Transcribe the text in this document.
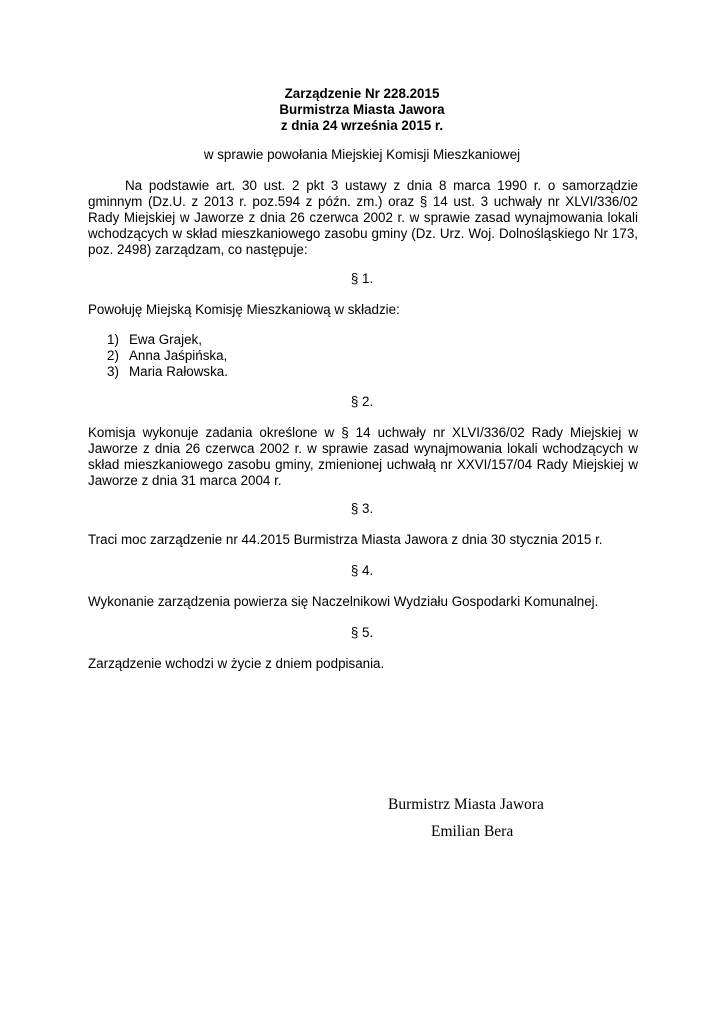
Zarządzenie Nr 228.2015
Burmistrza Miasta Jawora
z dnia 24 września 2015 r.
w sprawie powołania Miejskiej Komisji Mieszkaniowej
Na podstawie art. 30 ust. 2 pkt 3 ustawy z dnia 8 marca 1990 r. o samorządzie gminnym (Dz.U. z 2013 r. poz.594 z późn. zm.) oraz § 14 ust. 3 uchwały nr XLVI/336/02 Rady Miejskiej w Jaworze z dnia 26 czerwca 2002 r. w sprawie zasad wynajmowania lokali wchodzących w skład mieszkaniowego zasobu gminy (Dz. Urz. Woj. Dolnośląskiego Nr 173, poz. 2498) zarządzam, co następuje:
§ 1.
Powołuję Miejską Komisję Mieszkaniową w składzie:
1) Ewa Grajek,
2) Anna Jaśpińska,
3) Maria Rałowska.
§ 2.
Komisja wykonuje zadania określone w § 14 uchwały nr XLVI/336/02 Rady Miejskiej w Jaworze z dnia 26 czerwca 2002 r. w sprawie zasad wynajmowania lokali wchodzących w skład mieszkaniowego zasobu gminy, zmienionej uchwałą nr XXVI/157/04 Rady Miejskiej w Jaworze z dnia 31 marca 2004 r.
§ 3.
Traci moc zarządzenie nr 44.2015 Burmistrza Miasta Jawora z dnia 30 stycznia 2015 r.
§ 4.
Wykonanie zarządzenia powierza się Naczelnikowi Wydziału Gospodarki Komunalnej.
§ 5.
Zarządzenie wchodzi w życie z dniem podpisania.
Burmistrz Miasta Jawora
Emilian Bera
